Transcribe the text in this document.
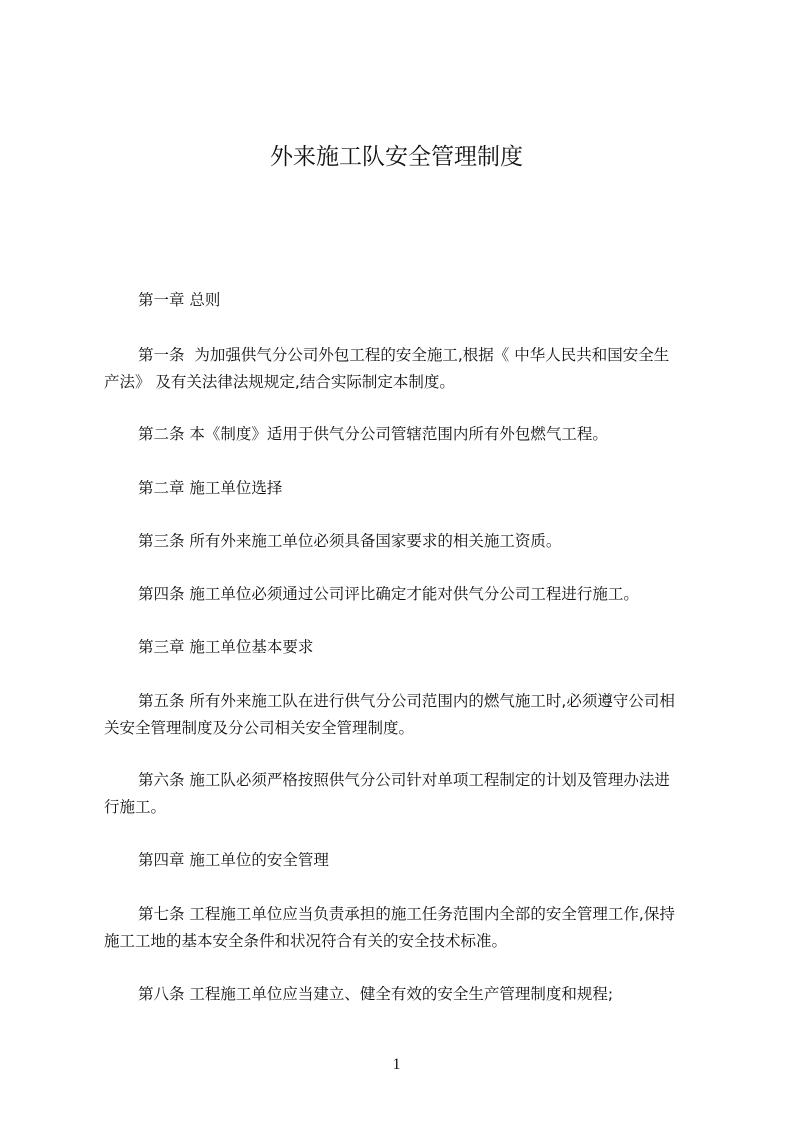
外来施工队安全管理制度
第一章 总则
第一条  为加强供气分公司外包工程的安全施工,根据《 中华人民共和国安全生
产法》 及有关法律法规规定,结合实际制定本制度。
第二条 本《制度》适用于供气分公司管辖范围内所有外包燃气工程。
第二章 施工单位选择
第三条 所有外来施工单位必须具备国家要求的相关施工资质。
第四条 施工单位必须通过公司评比确定才能对供气分公司工程进行施工。
第三章 施工单位基本要求
第五条 所有外来施工队在进行供气分公司范围内的燃气施工时,必须遵守公司相
关安全管理制度及分公司相关安全管理制度。
第六条 施工队必须严格按照供气分公司针对单项工程制定的计划及管理办法进
行施工。
第四章 施工单位的安全管理
第七条 工程施工单位应当负责承担的施工任务范围内全部的安全管理工作,保持
施工工地的基本安全条件和状况符合有关的安全技术标准。
第八条 工程施工单位应当建立、健全有效的安全生产管理制度和规程;
1
